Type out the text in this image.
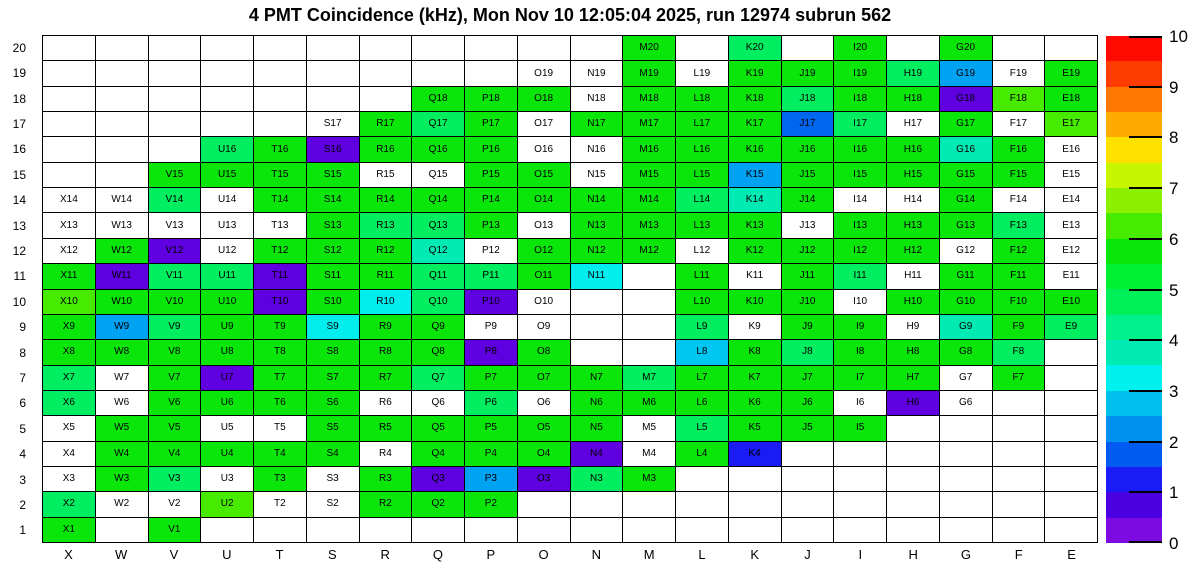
4 PMT Coincidence (kHz), Mon Nov 10 12:05:04 2025, run 12974 subrun 562
20
19
18
17
16
15
14
13
12
11
10
9
8
7
6
5
4
3
2
1
M20	K20	I20	G20
O19	N19	M19	L19	K19	J19	I19	H19	G19	F19	E19
Q18	P18	O18	N18	M18	L18	K18	J18	I18	H18	G18	F18	E18
S17	R17	Q17	P17	O17	N17	M17	L17	K17	J17	I17	H17	G17	F17	E17
U16	T16	S16	R16	Q16	P16	O16	N16	M16	L16	K16	J16	I16	H16	G16	F16	E16
V15	U15	T15	S15	R15	Q15	P15	O15	N15	M15	L15	K15	J15	I15	H15	G15	F15	E15
X14	W14	V14	U14	T14	S14	R14	Q14	P14	O14	N14	M14	L14	K14	J14	I14	H14	G14	F14	E14
X13	W13	V13	U13	T13	S13	R13	Q13	P13	O13	N13	M13	L13	K13	J13	I13	H13	G13	F13	E13
X12	W12	V12	U12	T12	S12	R12	Q12	P12	O12	N12	M12	L12	K12	J12	I12	H12	G12	F12	E12
X11	W11	V11	U11	T11	S11	R11	Q11	P11	O11	N11	L11	K11	J11	I11	H11	G11	F11	E11
X10	W10	V10	U10	T10	S10	R10	Q10	P10	O10	L10	K10	J10	I10	H10	G10	F10	E10
X9	W9	V9	U9	T9	S9	R9	Q9	P9	O9	L9	K9	J9	I9	H9	G9	F9	E9
X8	W8	V8	U8	T8	S8	R8	Q8	P8	O8	L8	K8	J8	I8	H8	G8	F8
X7	W7	V7	U7	T7	S7	R7	Q7	P7	O7	N7	M7	L7	K7	J7	I7	H7	G7	F7
X6	W6	V6	U6	T6	S6	R6	Q6	P6	O6	N6	M6	L6	K6	J6	I6	H6	G6
X5	W5	V5	U5	T5	S5	R5	Q5	P5	O5	N5	M5	L5	K5	J5	I5
X4	W4	V4	U4	T4	S4	R4	Q4	P4	O4	N4	M4	L4	K4
X3	W3	V3	U3	T3	S3	R3	Q3	P3	O3	N3	M3
X2	W2	V2	U2	T2	S2	R2	Q2	P2
X1	V1
X	W	V	U	T	S	R	Q	P	O	N	M	L	K	J	I	H	G	F	E
10
9
8
7
6
5
4
3
2
1
0
